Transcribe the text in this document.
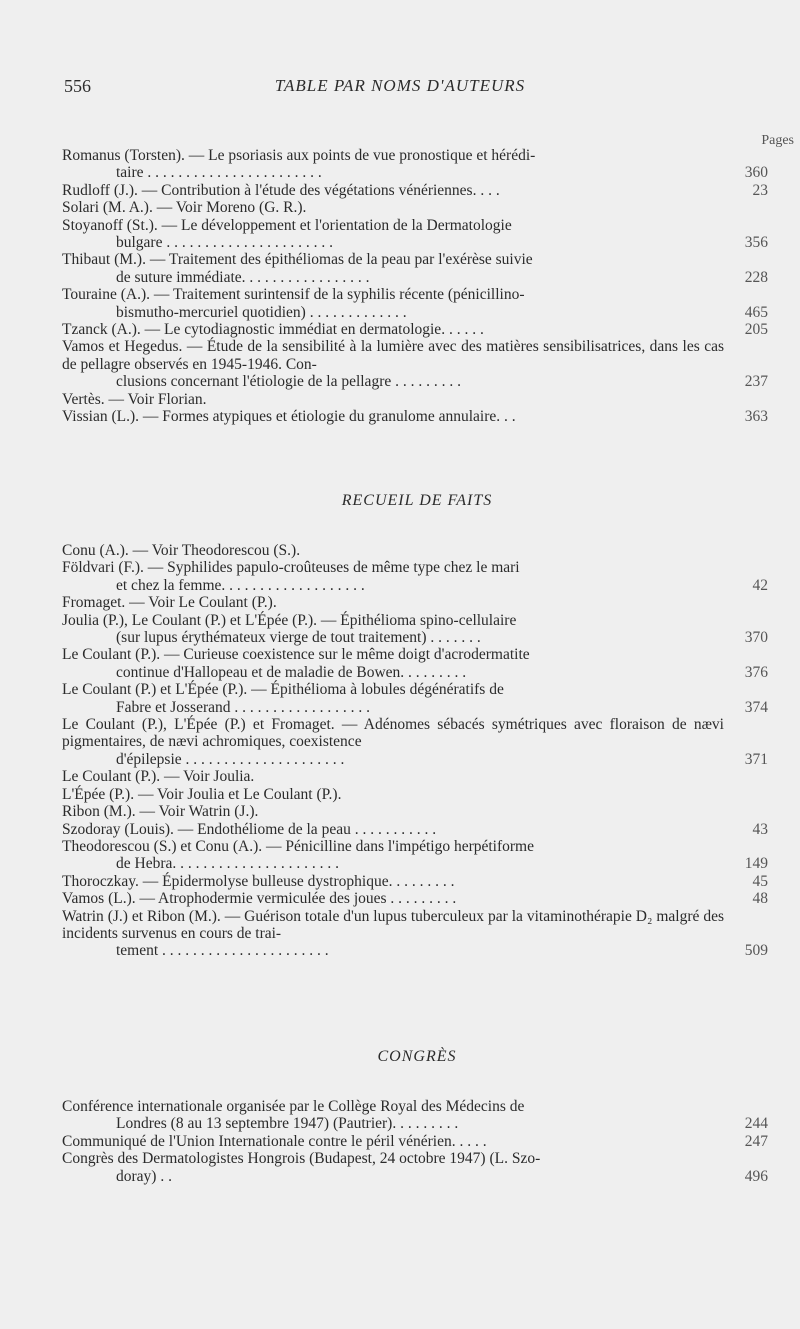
556	TABLE PAR NOMS D'AUTEURS
Pages
Romanus (Torsten). — Le psoriasis aux points de vue pronostique et hérédi-
taire . . . . . . . . . . . . . . . . . . . . . . .	360
Rudloff (J.). — Contribution à l'étude des végétations vénériennes. . . .	23
Solari (M. A.). — Voir Moreno (G. R.).
Stoyanoff (St.). — Le développement et l'orientation de la Dermatologie
bulgare . . . . . . . . . . . . . . . . . . . . . .	356
Thibaut (M.). — Traitement des épithéliomas de la peau par l'exérèse suivie
de suture immédiate. . . . . . . . . . . . . . . . .	228
Touraine (A.). — Traitement surintensif de la syphilis récente (pénicillino-
bismutho-mercuriel quotidien) . . . . . . . . . . . . .	465
Tzanck (A.). — Le cytodiagnostic immédiat en dermatologie. . . . . .	205
Vamos et Hegedus. — Étude de la sensibilité à la lumière avec des matières sensibilisatrices, dans les cas de pellagre observés en 1945-1946. Con-
clusions concernant l'étiologie de la pellagre . . . . . . . . .	237
Vertès. — Voir Florian.
Vissian (L.). — Formes atypiques et étiologie du granulome annulaire. . .	363
RECUEIL DE FAITS
Conu (A.). — Voir Theodorescou (S.).
Földvari (F.). — Syphilides papulo-croûteuses de même type chez le mari
et chez la femme. . . . . . . . . . . . . . . . . . .	42
Fromaget. — Voir Le Coulant (P.).
Joulia (P.), Le Coulant (P.) et L'Épée (P.). — Épithélioma spino-cellulaire
(sur lupus érythémateux vierge de tout traitement) . . . . . . .	370
Le Coulant (P.). — Curieuse coexistence sur le même doigt d'acrodermatite
continue d'Hallopeau et de maladie de Bowen. . . . . . . . .	376
Le Coulant (P.) et L'Épée (P.). — Épithélioma à lobules dégénératifs de
Fabre et Josserand . . . . . . . . . . . . . . . . . .	374
Le Coulant (P.), L'Épée (P.) et Fromaget. — Adénomes sébacés symétriques avec floraison de nævi pigmentaires, de nævi achromiques, coexistence
d'épilepsie . . . . . . . . . . . . . . . . . . . . .	371
Le Coulant (P.). — Voir Joulia.
L'Épée (P.). — Voir Joulia et Le Coulant (P.).
Ribon (M.). — Voir Watrin (J.).
Szodoray (Louis). — Endothéliome de la peau . . . . . . . . . . .	43
Theodorescou (S.) et Conu (A.). — Pénicilline dans l'impétigo herpétiforme
de Hebra. . . . . . . . . . . . . . . . . . . . . .	149
Thoroczkay. — Épidermolyse bulleuse dystrophique. . . . . . . . .	45
Vamos (L.). — Atrophodermie vermiculée des joues . . . . . . . . .	48
Watrin (J.) et Ribon (M.). — Guérison totale d'un lupus tuberculeux par la vitaminothérapie D₂ malgré des incidents survenus en cours de trai-
tement . . . . . . . . . . . . . . . . . . . . . .	509
CONGRÈS
Conférence internationale organisée par le Collège Royal des Médecins de
Londres (8 au 13 septembre 1947) (Pautrier). . . . . . . . .	244
Communiqué de l'Union Internationale contre le péril vénérien. . . . .	247
Congrès des Dermatologistes Hongrois (Budapest, 24 octobre 1947) (L. Szo-
doray) . .	496
